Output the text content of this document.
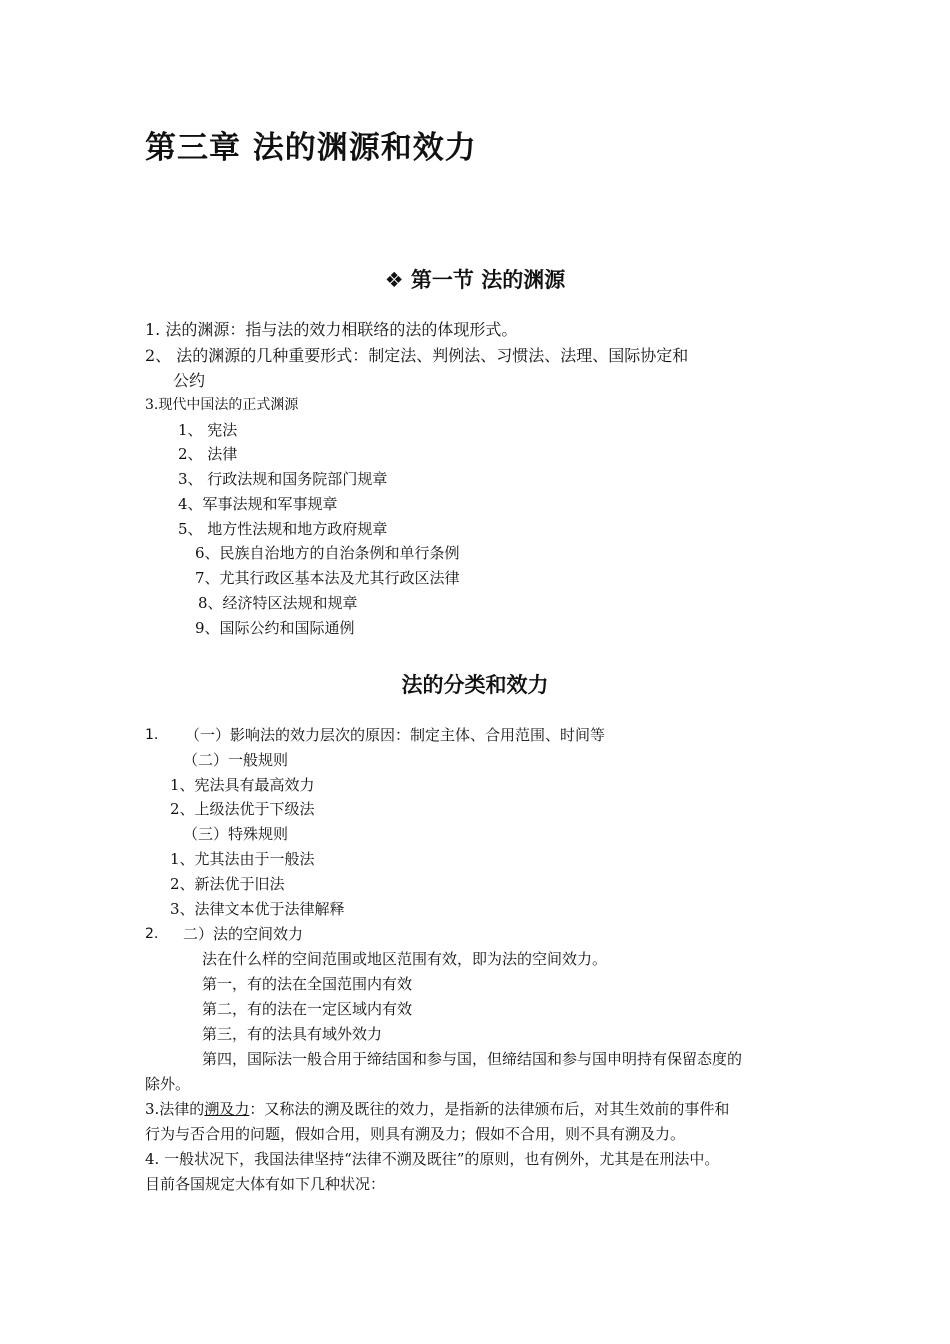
第三章 法的渊源和效力
❖ 第一节 法的渊源
1. 法的渊源：指与法的效力相联络的法的体现形式。
2、 法的渊源的几种重要形式：制定法、判例法、习惯法、法理、国际协定和
公约
3.现代中国法的正式渊源
1、 宪法
2、 法律
3、 行政法规和国务院部门规章
4、军事法规和军事规章
5、 地方性法规和地方政府规章
6、民族自治地方的自治条例和单行条例
7、尤其行政区基本法及尤其行政区法律
8、经济特区法规和规章
9、国际公约和国际通例
法的分类和效力
1. （一）影响法的效力层次的原因：制定主体、合用范围、时间等
（二）一般规则
1、宪法具有最高效力
2、上级法优于下级法
（三）特殊规则
1、尤其法由于一般法
2、新法优于旧法
3、法律文本优于法律解释
2. 二）法的空间效力
法在什么样的空间范围或地区范围有效，即为法的空间效力。
第一，有的法在全国范围内有效
第二，有的法在一定区域内有效
第三，有的法具有域外效力
第四，国际法一般合用于缔结国和参与国，但缔结国和参与国申明持有保留态度的
除外。
3.法律的溯及力：又称法的溯及既往的效力，是指新的法律颁布后，对其生效前的事件和
行为与否合用的问题，假如合用，则具有溯及力；假如不合用，则不具有溯及力。
4. 一般状况下，我国法律坚持“法律不溯及既往”的原则，也有例外，尤其是在刑法中。
目前各国规定大体有如下几种状况：
